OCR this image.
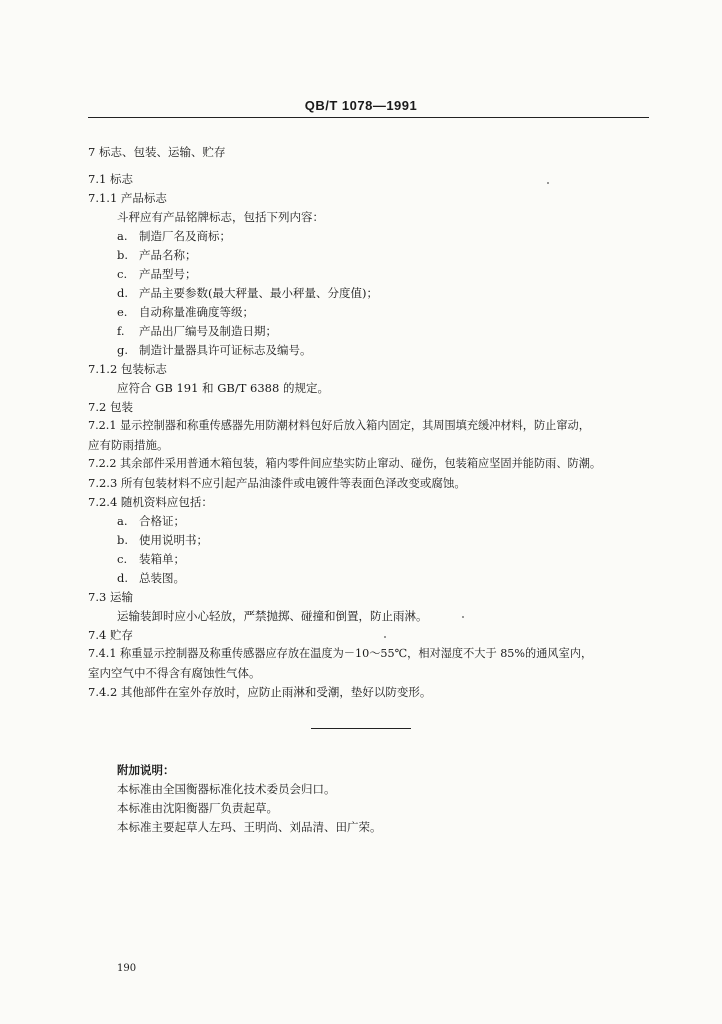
QB/T 1078—1991
7 标志、包装、运输、贮存
7.1 标志
7.1.1 产品标志
斗秤应有产品铭牌标志，包括下列内容：
a. 制造厂名及商标；
b. 产品名称；
c. 产品型号；
d. 产品主要参数(最大秤量、最小秤量、分度值)；
e. 自动称量准确度等级；
f. 产品出厂编号及制造日期；
g. 制造计量器具许可证标志及编号。
7.1.2 包装标志
应符合 GB 191 和 GB/T 6388 的规定。
7.2 包装
7.2.1 显示控制器和称重传感器先用防潮材料包好后放入箱内固定，其周围填充缓冲材料，防止窜动，
应有防雨措施。
7.2.2 其余部件采用普通木箱包装，箱内零件间应垫实防止窜动、碰伤，包装箱应坚固并能防雨、防潮。
7.2.3 所有包装材料不应引起产品油漆件或电镀件等表面色泽改变或腐蚀。
7.2.4 随机资料应包括：
a. 合格证；
b. 使用说明书；
c. 装箱单；
d. 总装图。
7.3 运输
运输装卸时应小心轻放，严禁抛掷、碰撞和倒置，防止雨淋。
7.4 贮存
7.4.1 称重显示控制器及称重传感器应存放在温度为－10～55℃，相对湿度不大于 85%的通风室内，
室内空气中不得含有腐蚀性气体。
7.4.2 其他部件在室外存放时，应防止雨淋和受潮，垫好以防变形。
附加说明：
本标准由全国衡器标准化技术委员会归口。
本标准由沈阳衡器厂负责起草。
本标准主要起草人左玛、王明尚、刘品清、田广荣。
190
